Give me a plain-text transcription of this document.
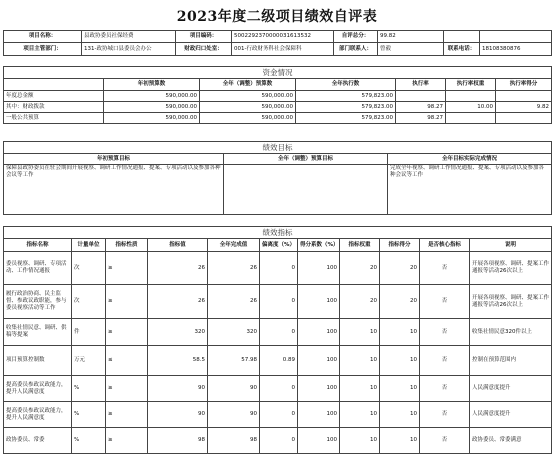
2023年度二级项目绩效自评表
项目名称：	县政协委员社保经费	项目编码：	5002292370000031613532	自评总分：	99.82		
项目主管部门：	131-政协城口县委员会办公	财政归口处室：	001-行政财务科社会保障科	部门联系人：	曾毅	联系电话：	18108380876
资金情况						
	年初预算数	全年（调整）预算数	全年执行数	执行率	执行率权重	执行率得分
年度总金额	590,000.00	590,000.00	579,823.00			
其中：财政拨款	590,000.00	590,000.00	579,823.00	98.27	10.00	9.82
一般公共预算	590,000.00	590,000.00	579,823.00	98.27		
绩效目标		
年初预算目标	全年（调整）预算目标	全年目标实际完成情况
保障县政协委员在驻会期间开展视察、调研工作情况通报、提案、专项活动以及参加各种会议等工作		完成全年视察、调研工作情况通报、提案、专项活动以及参加各种会议等工作
绩效指标										
指标名称	计量单位	指标性质	指标值	全年完成值	偏离度（%）	得分系数（%）	指标权重	指标得分	是否核心指标	说明
委员视察、调研、专项活动、工作情况通报	次	≥	26	26	0	100	20	20	否	开展各项视察、调研、提案工作通报等活动26次以上
履行政治协商、民主监督、参政议政职能，参与委员视察活动等工作	次	≥	26	26	0	100	20	20	否	开展各项视察、调研、提案工作通报等活动26次以上
收集社情民意、调研、供稿等提案	件	≥	320	320	0	100	10	10	否	收集社情民意320件以上
项目预算控制数	万元	≤	58.5	57.98	0.89	100	10	10	否	控制在预算范围内
提高委员参政议政能力，提升人民满意度	%	≥	90	90	0	100	10	10	否	人民满意度提升
提高委员参政议政能力，提升人民满意度	%	≥	90	90	0	100	10	10	否	人民满意度提升
政协委员、常委	%	≥	98	98	0	100	10	10	否	政协委员、常委满意
